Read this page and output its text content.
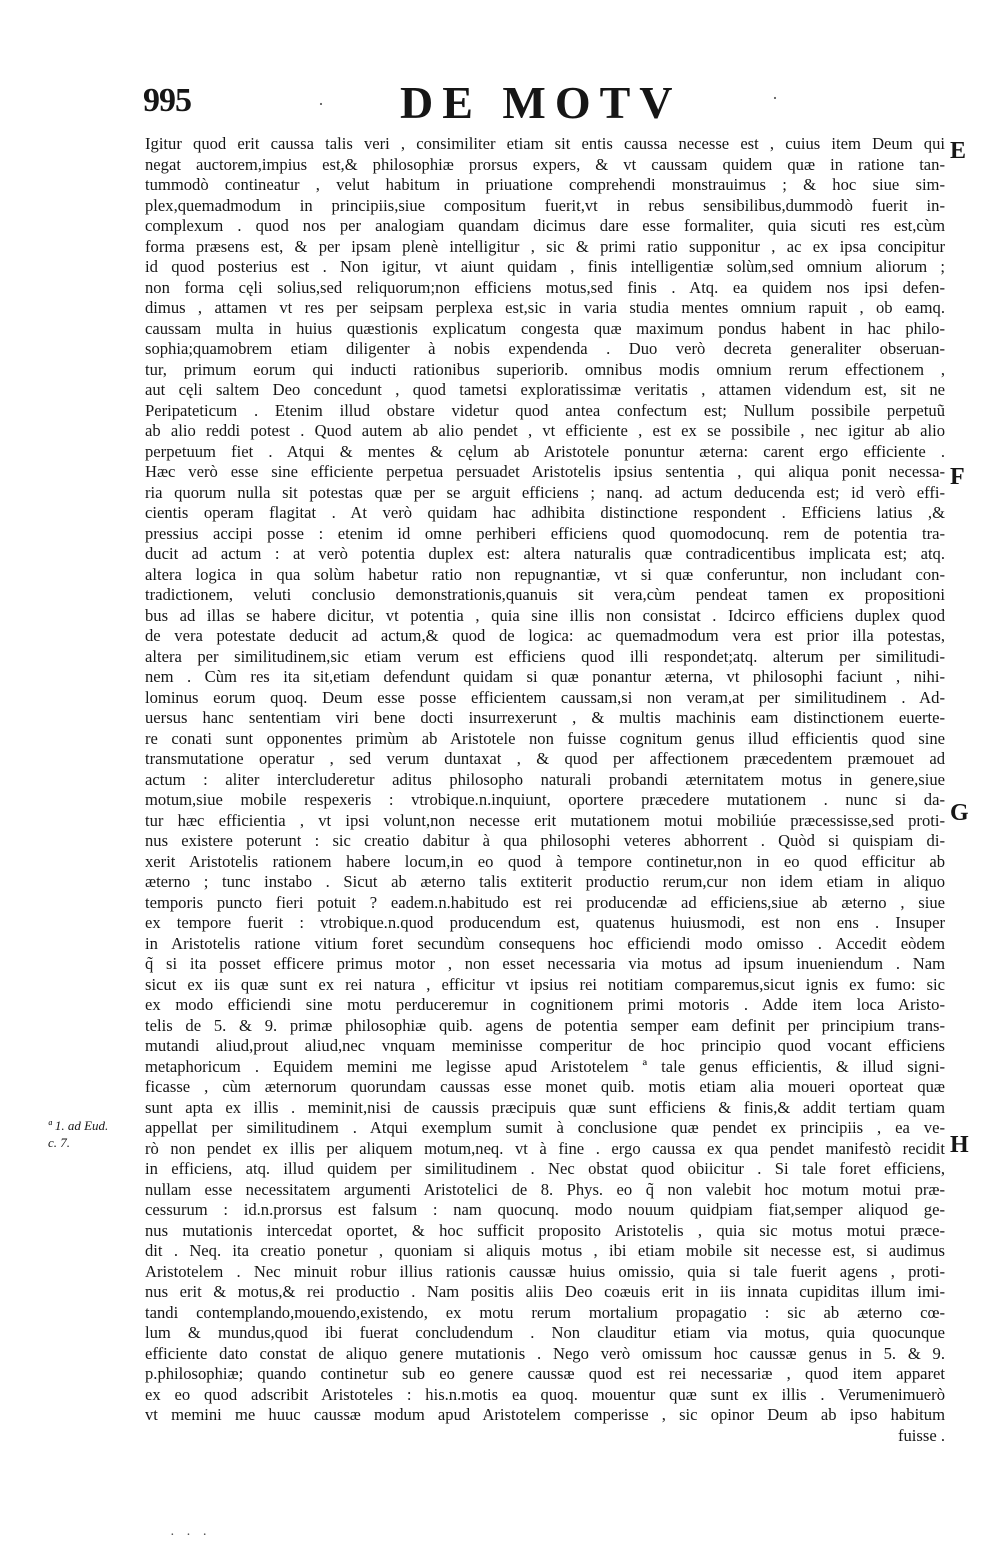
995	· DE MOTV	·
Igitur quod erit caussa talis veri , consimiliter etiam sit entis caussa necesse est , cuius item Deum qui
negat auctorem,impius est,& philosophiæ prorsus expers, & vt caussam quidem quæ in ratione tan-
tummodò contineatur , velut habitum in priuatione comprehendi monstrauimus ; & hoc siue sim-
plex,quemadmodum in principiis,siue compositum fuerit,vt in rebus sensibilibus,dummodò fuerit in-
complexum . quod nos per analogiam quandam dicimus dare esse formaliter, quia sicuti res est,cùm
forma præsens est, & per ipsam plenè intelligitur , sic & primi ratio supponitur , ac ex ipsa concipitur
id quod posterius est . Non igitur, vt aiunt quidam , finis intelligentiæ solùm,sed omnium aliorum ;
non forma cęli solius,sed reliquorum;non efficiens motus,sed finis . Atq. ea quidem nos ipsi defen-
dimus , attamen vt res per seipsam perplexa est,sic in varia studia mentes omnium rapuit , ob eamq.
caussam multa in huius quæstionis explicatum congesta quæ maximum pondus habent in hac philo-
sophia;quamobrem etiam diligenter à nobis expendenda . Duo verò decreta generaliter obseruan-
tur, primum eorum qui inducti rationibus superiorib. omnibus modis omnium rerum effectionem ,
aut cęli saltem Deo concedunt , quod tametsi exploratissimæ veritatis , attamen videndum est, sit ne
Peripateticum . Etenim illud obstare videtur quod antea confectum est; Nullum possibile perpetuũ
ab alio reddi potest . Quod autem ab alio pendet , vt efficiente , est ex se possibile , nec igitur ab alio
perpetuum fiet . Atqui & mentes & cęlum ab Aristotele ponuntur æterna: carent ergo efficiente .
Hæc verò esse sine efficiente perpetua persuadet Aristotelis ipsius sententia , qui aliqua ponit necessa-
ria quorum nulla sit potestas quæ per se arguit efficiens ; nanq. ad actum deducenda est; id verò effi-
cientis operam flagitat . At verò quidam hac adhibita distinctione respondent . Efficiens latius ,&
pressius accipi posse : etenim id omne perhiberi efficiens quod quomodocunq. rem de potentia tra-
ducit ad actum : at verò potentia duplex est: altera naturalis quæ contradicentibus implicata est; atq.
altera logica in qua solùm habetur ratio non repugnantiæ, vt si quæ conferuntur, non includant con-
tradictionem, veluti conclusio demonstrationis,quanuis sit vera,cùm pendeat tamen ex propositioni
bus ad illas se habere dicitur, vt potentia , quia sine illis non consistat . Idcirco efficiens duplex quod
de vera potestate deducit ad actum,& quod de logica: ac quemadmodum vera est prior illa potestas,
altera per similitudinem,sic etiam verum est efficiens quod illi respondet;atq. alterum per similitudi-
nem . Cùm res ita sit,etiam defendunt quidam si quæ ponantur æterna, vt philosophi faciunt , nihi-
lominus eorum quoq. Deum esse posse efficientem caussam,si non veram,at per similitudinem . Ad-
uersus hanc sententiam viri bene docti insurrexerunt , & multis machinis eam distinctionem euerte-
re conati sunt opponentes primùm ab Aristotele non fuisse cognitum genus illud efficientis quod sine
transmutatione operatur , sed verum duntaxat , & quod per affectionem præcedentem præmouet ad
actum : aliter intercluderetur aditus philosopho naturali probandi æternitatem motus in genere,siue
motum,siue mobile respexeris : vtrobique.n.inquiunt, oportere præcedere mutationem . nunc si da-
tur hæc efficientia , vt ipsi volunt,non necesse erit mutationem motui mobiliúe præcessisse,sed proti-
nus existere poterunt : sic creatio dabitur à qua philosophi veteres abhorrent . Quòd si quispiam di-
xerit Aristotelis rationem habere locum,in eo quod à tempore continetur,non in eo quod efficitur ab
æterno ; tunc instabo . Sicut ab æterno talis extiterit productio rerum,cur non idem etiam in aliquo
temporis puncto fieri potuit ? eadem.n.habitudo est rei producendæ ad efficiens,siue ab æterno , siue
ex tempore fuerit : vtrobique.n.quod producendum est, quatenus huiusmodi, est non ens . Insuper
in Aristotelis ratione vitium foret secundùm consequens hoc efficiendi modo omisso . Accedit eòdem
q̃ si ita posset efficere primus motor , non esset necessaria via motus ad ipsum inueniendum . Nam
sicut ex iis quæ sunt ex rei natura , efficitur vt ipsius rei notitiam comparemus,sicut ignis ex fumo: sic
ex modo efficiendi sine motu perduceremur in cognitionem primi motoris . Adde item loca Aristo-
telis de 5. & 9. primæ philosophiæ quib. agens de potentia semper eam definit per principium trans-
mutandi aliud,prout aliud,nec vnquam meminisse comperitur de hoc principio quod vocant efficiens
metaphoricum . Equidem memini me legisse apud Aristotelem ª tale genus efficientis, & illud signi-
ficasse , cùm æternorum quorundam caussas esse monet quib. motis etiam alia moueri oporteat quæ
sunt apta ex illis . meminit,nisi de caussis præcipuis quæ sunt efficiens & finis,& addit tertiam quam
appellat per similitudinem . Atqui exemplum sumit à conclusione quæ pendet ex principiis , ea ve-
rò non pendet ex illis per aliquem motum,neq. vt à fine . ergo caussa ex qua pendet manifestò recidit
in efficiens, atq. illud quidem per similitudinem . Nec obstat quod obiicitur . Si tale foret efficiens,
nullam esse necessitatem argumenti Aristotelici de 8. Phys. eo q̃ non valebit hoc motum motui præ-
cessurum : id.n.prorsus est falsum : nam quocunq. modo nouum quidpiam fiat,semper aliquod ge-
nus mutationis intercedat oportet, & hoc sufficit proposito Aristotelis , quia sic motus motui præce-
dit . Neq. ita creatio ponetur , quoniam si aliquis motus , ibi etiam mobile sit necesse est, si audimus
Aristotelem . Nec minuit robur illius rationis caussæ huius omissio, quia si tale fuerit agens , proti-
nus erit & motus,& rei productio . Nam positis aliis Deo coæuis erit in iis innata cupiditas illum imi-
tandi contemplando,mouendo,existendo, ex motu rerum mortalium propagatio : sic ab æterno cœ-
lum & mundus,quod ibi fuerat concludendum . Non clauditur etiam via motus, quia quocunque
efficiente dato constat de aliquo genere mutationis . Nego verò omissum hoc caussæ genus in 5. & 9.
p.philosophiæ; quando continetur sub eo genere caussæ quod est rei necessariæ , quod item apparet
ex eo quod adscribit Aristoteles : his.n.motis ea quoq. mouentur quæ sunt ex illis . Verumenimuerò
vt memini me huuc caussæ modum apud Aristotelem comperisse , sic opinor Deum ab ipso habitum
fuisse .
E
F
G
H
ª 1. ad Eud.
c. 7.
· · ·
